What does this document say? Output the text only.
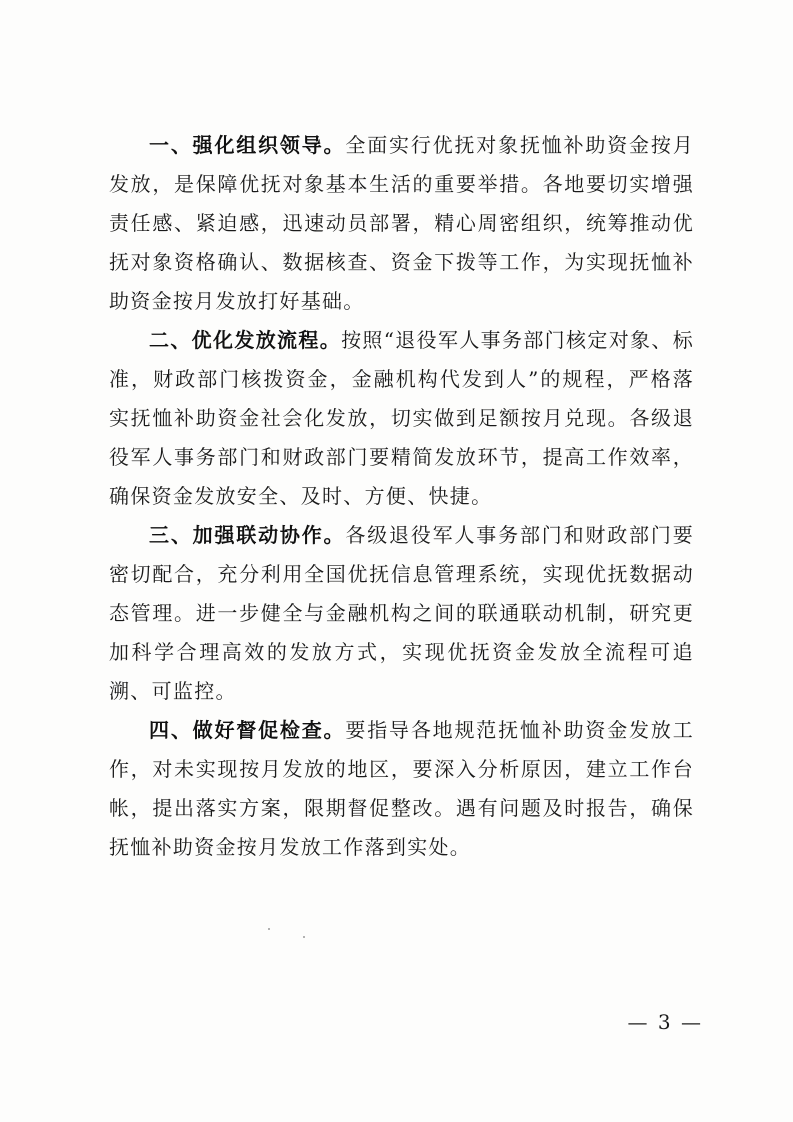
一、强化组织领导。全面实行优抚对象抚恤补助资金按月发放，是保障优抚对象基本生活的重要举措。各地要切实增强责任感、紧迫感，迅速动员部署，精心周密组织，统筹推动优抚对象资格确认、数据核查、资金下拨等工作，为实现抚恤补助资金按月发放打好基础。

二、优化发放流程。按照“退役军人事务部门核定对象、标准，财政部门核拨资金，金融机构代发到人”的规程，严格落实抚恤补助资金社会化发放，切实做到足额按月兑现。各级退役军人事务部门和财政部门要精简发放环节，提高工作效率，确保资金发放安全、及时、方便、快捷。

三、加强联动协作。各级退役军人事务部门和财政部门要密切配合，充分利用全国优抚信息管理系统，实现优抚数据动态管理。进一步健全与金融机构之间的联通联动机制，研究更加科学合理高效的发放方式，实现优抚资金发放全流程可追溯、可监控。

四、做好督促检查。要指导各地规范抚恤补助资金发放工作，对未实现按月发放的地区，要深入分析原因，建立工作台帐，提出落实方案，限期督促整改。遇有问题及时报告，确保抚恤补助资金按月发放工作落到实处。

— 3 —
